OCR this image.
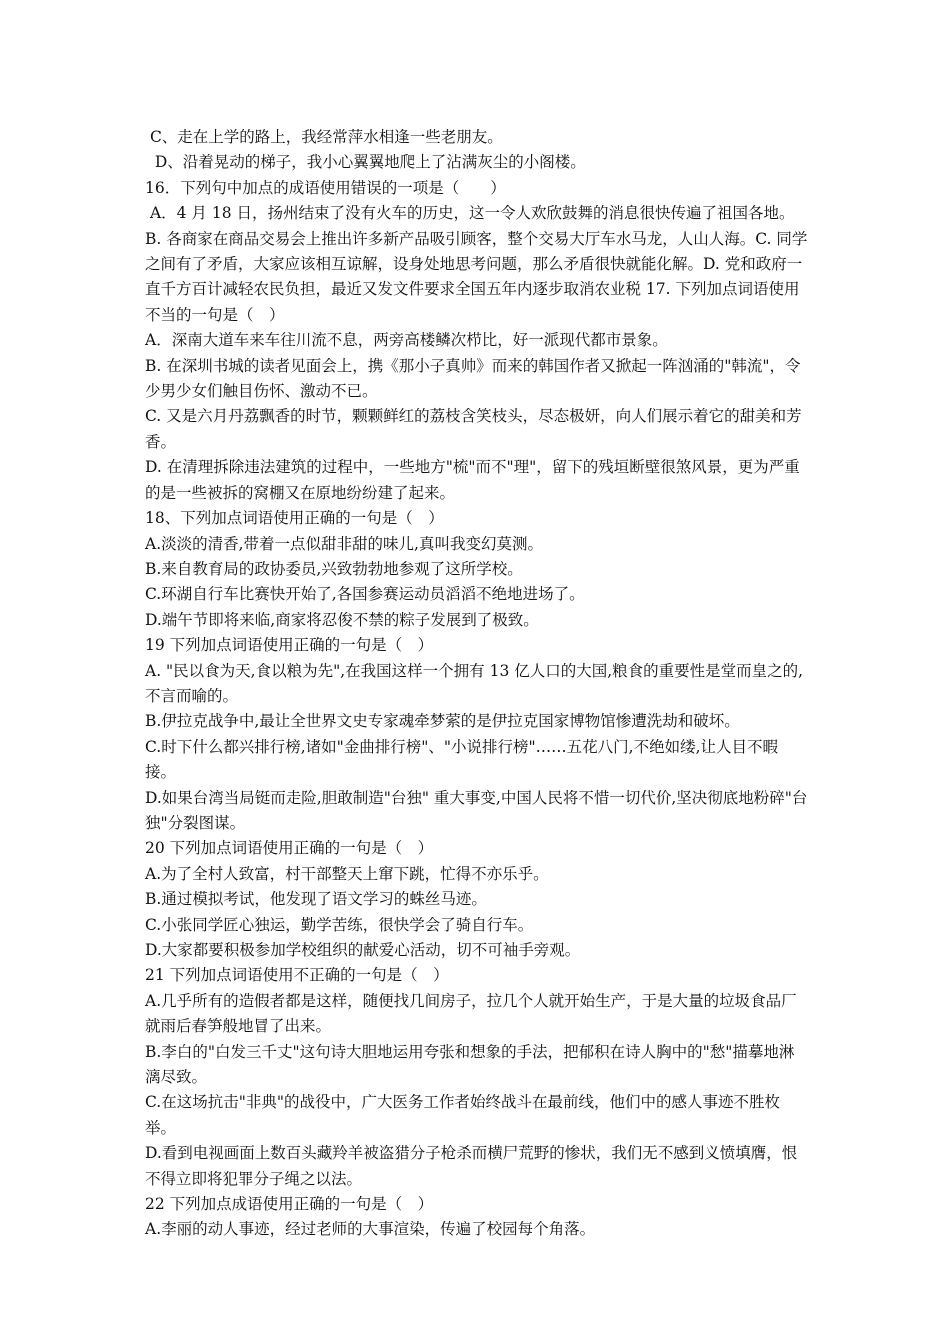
C、走在上学的路上，我经常萍水相逢一些老朋友。

D、沿着晃动的梯子，我小心翼翼地爬上了沾满灰尘的小阁楼。

16．下列句中加点的成语使用错误的一项是（　　）

A．4 月 18 日，扬州结束了没有火车的历史，这一令人欢欣鼓舞的消息很快传遍了祖国各地。

B. 各商家在商品交易会上推出许多新产品吸引顾客，整个交易大厅车水马龙，人山人海。C. 同学之间有了矛盾，大家应该相互谅解，设身处地思考问题，那么矛盾很快就能化解。D. 党和政府一直千方百计减轻农民负担，最近又发文件要求全国五年内逐步取消农业税 17. 下列加点词语使用不当的一句是（　）

A．深南大道车来车往川流不息，两旁高楼鳞次栉比，好一派现代都市景象。

B. 在深圳书城的读者见面会上，携《那小子真帅》而来的韩国作者又掀起一阵汹涌的"韩流"，令少男少女们触目伤怀、激动不已。

C. 又是六月丹荔飘香的时节，颗颗鲜红的荔枝含笑枝头，尽态极妍，向人们展示着它的甜美和芳香。

D. 在清理拆除违法建筑的过程中，一些地方"梳"而不"理"，留下的残垣断壁很煞风景，更为严重的是一些被拆的窝棚又在原地纷纷建了起来。

18、下列加点词语使用正确的一句是（　）

A.淡淡的清香,带着一点似甜非甜的味儿,真叫我变幻莫测。

B.来自教育局的政协委员,兴致勃勃地参观了这所学校。

C.环湖自行车比赛快开始了,各国参赛运动员滔滔不绝地进场了。

D.端午节即将来临,商家将忍俊不禁的粽子发展到了极致。

19 下列加点词语使用正确的一句是（　）

A. "民以食为天,食以粮为先",在我国这样一个拥有 13 亿人口的大国,粮食的重要性是堂而皇之的,不言而喻的。

B.伊拉克战争中,最让全世界文史专家魂牵梦萦的是伊拉克国家博物馆惨遭洗劫和破坏。

C.时下什么都兴排行榜,诸如"金曲排行榜"、"小说排行榜"……五花八门,不绝如缕,让人目不暇接。

D.如果台湾当局铤而走险,胆敢制造"台独" 重大事变,中国人民将不惜一切代价,坚决彻底地粉碎"台独"分裂图谋。

20 下列加点词语使用正确的一句是（　）

A.为了全村人致富，村干部整天上窜下跳，忙得不亦乐乎。

B.通过模拟考试，他发现了语文学习的蛛丝马迹。

C.小张同学匠心独运，勤学苦练，很快学会了骑自行车。

D.大家都要积极参加学校组织的献爱心活动，切不可袖手旁观。

21 下列加点词语使用不正确的一句是（　）

A.几乎所有的造假者都是这样，随便找几间房子，拉几个人就开始生产，于是大量的垃圾食品厂就雨后春笋般地冒了出来。

B.李白的"白发三千丈"这句诗大胆地运用夸张和想象的手法，把郁积在诗人胸中的"愁"描摹地淋漓尽致。

C.在这场抗击"非典"的战役中，广大医务工作者始终战斗在最前线，他们中的感人事迹不胜枚举。

D.看到电视画面上数百头藏羚羊被盗猎分子枪杀而横尸荒野的惨状，我们无不感到义愤填膺，恨不得立即将犯罪分子绳之以法。

22 下列加点成语使用正确的一句是（　）

A.李丽的动人事迹，经过老师的大事渲染，传遍了校园每个角落。
